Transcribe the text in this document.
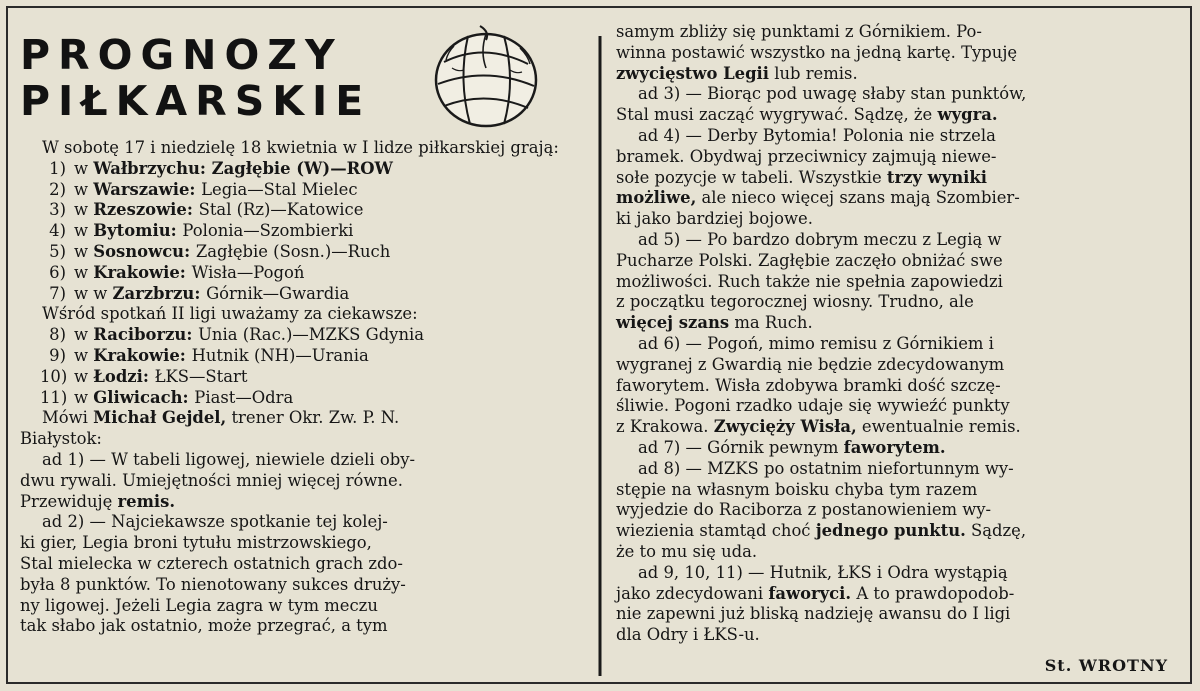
PROGNOZY

PIŁKARSKIE

W sobotę 17 i niedzielę 18 kwietnia w I lidze piłkarskiej grają:

1) w Wałbrzychu: Zagłębie (W)—ROW

2) w Warszawie: Legia—Stal Mielec

3) w Rzeszowie: Stal (Rz)—Katowice

4) w Bytomiu: Polonia—Szombierki

5) w Sosnowcu: Zagłębie (Sosn.)—Ruch

6) w Krakowie: Wisła—Pogoń

7) w w Zarzbrzu: Górnik—Gwardia

Wśród spotkań II ligi uważamy za ciekawsze:

8) w Raciborzu: Unia (Rac.)—MZKS Gdynia

9) w Krakowie: Hutnik (NH)—Urania

10) w Łodzi: ŁKS—Start

11) w Gliwicach: Piast—Odra

Mówi Michał Gejdel, trener Okr. Zw. P. N.

Białystok:

ad 1) — W tabeli ligowej, niewiele dzieli oby-

dwu rywali. Umiejętności mniej więcej równe.

Przewiduję remis.

ad 2) — Najciekawsze spotkanie tej kolej-

ki gier, Legia broni tytułu mistrzowskiego,

Stal mielecka w czterech ostatnich grach zdo-

była 8 punktów. To nienotowany sukces druży-

ny ligowej. Jeżeli Legia zagra w tym meczu

tak słabo jak ostatnio, może przegrać, a tym

samym zbliży się punktami z Górnikiem. Po-

winna postawić wszystko na jedną kartę. Typuję

zwycięstwo Legii lub remis.

ad 3) — Biorąc pod uwagę słaby stan punktów,

Stal musi zacząć wygrywać. Sądzę, że wygra.

ad 4) — Derby Bytomia! Polonia nie strzela

bramek. Obydwaj przeciwnicy zajmują niewe-

sołe pozycje w tabeli. Wszystkie trzy wyniki

możliwe, ale nieco więcej szans mają Szombier-

ki jako bardziej bojowe.

ad 5) — Po bardzo dobrym meczu z Legią w

Pucharze Polski. Zagłębie zaczęło obniżać swe

możliwości. Ruch także nie spełnia zapowiedzi

z początku tegorocznej wiosny. Trudno, ale

więcej szans ma Ruch.

ad 6) — Pogoń, mimo remisu z Górnikiem i

wygranej z Gwardią nie będzie zdecydowanym

faworytem. Wisła zdobywa bramki dość szczę-

śliwie. Pogoni rzadko udaje się wywieźć punkty

z Krakowa. Zwycięży Wisła, ewentualnie remis.

ad 7) — Górnik pewnym faworytem.

ad 8) — MZKS po ostatnim niefortunnym wy-

stępie na własnym boisku chyba tym razem

wyjedzie do Raciborza z postanowieniem wy-

wiezienia stamtąd choć jednego punktu. Sądzę,

że to mu się uda.

ad 9, 10, 11) — Hutnik, ŁKS i Odra wystąpią

jako zdecydowani faworyci. A to prawdopodob-

nie zapewni już bliską nadzieję awansu do I ligi

dla Odry i ŁKS-u.

St. WROTNY
